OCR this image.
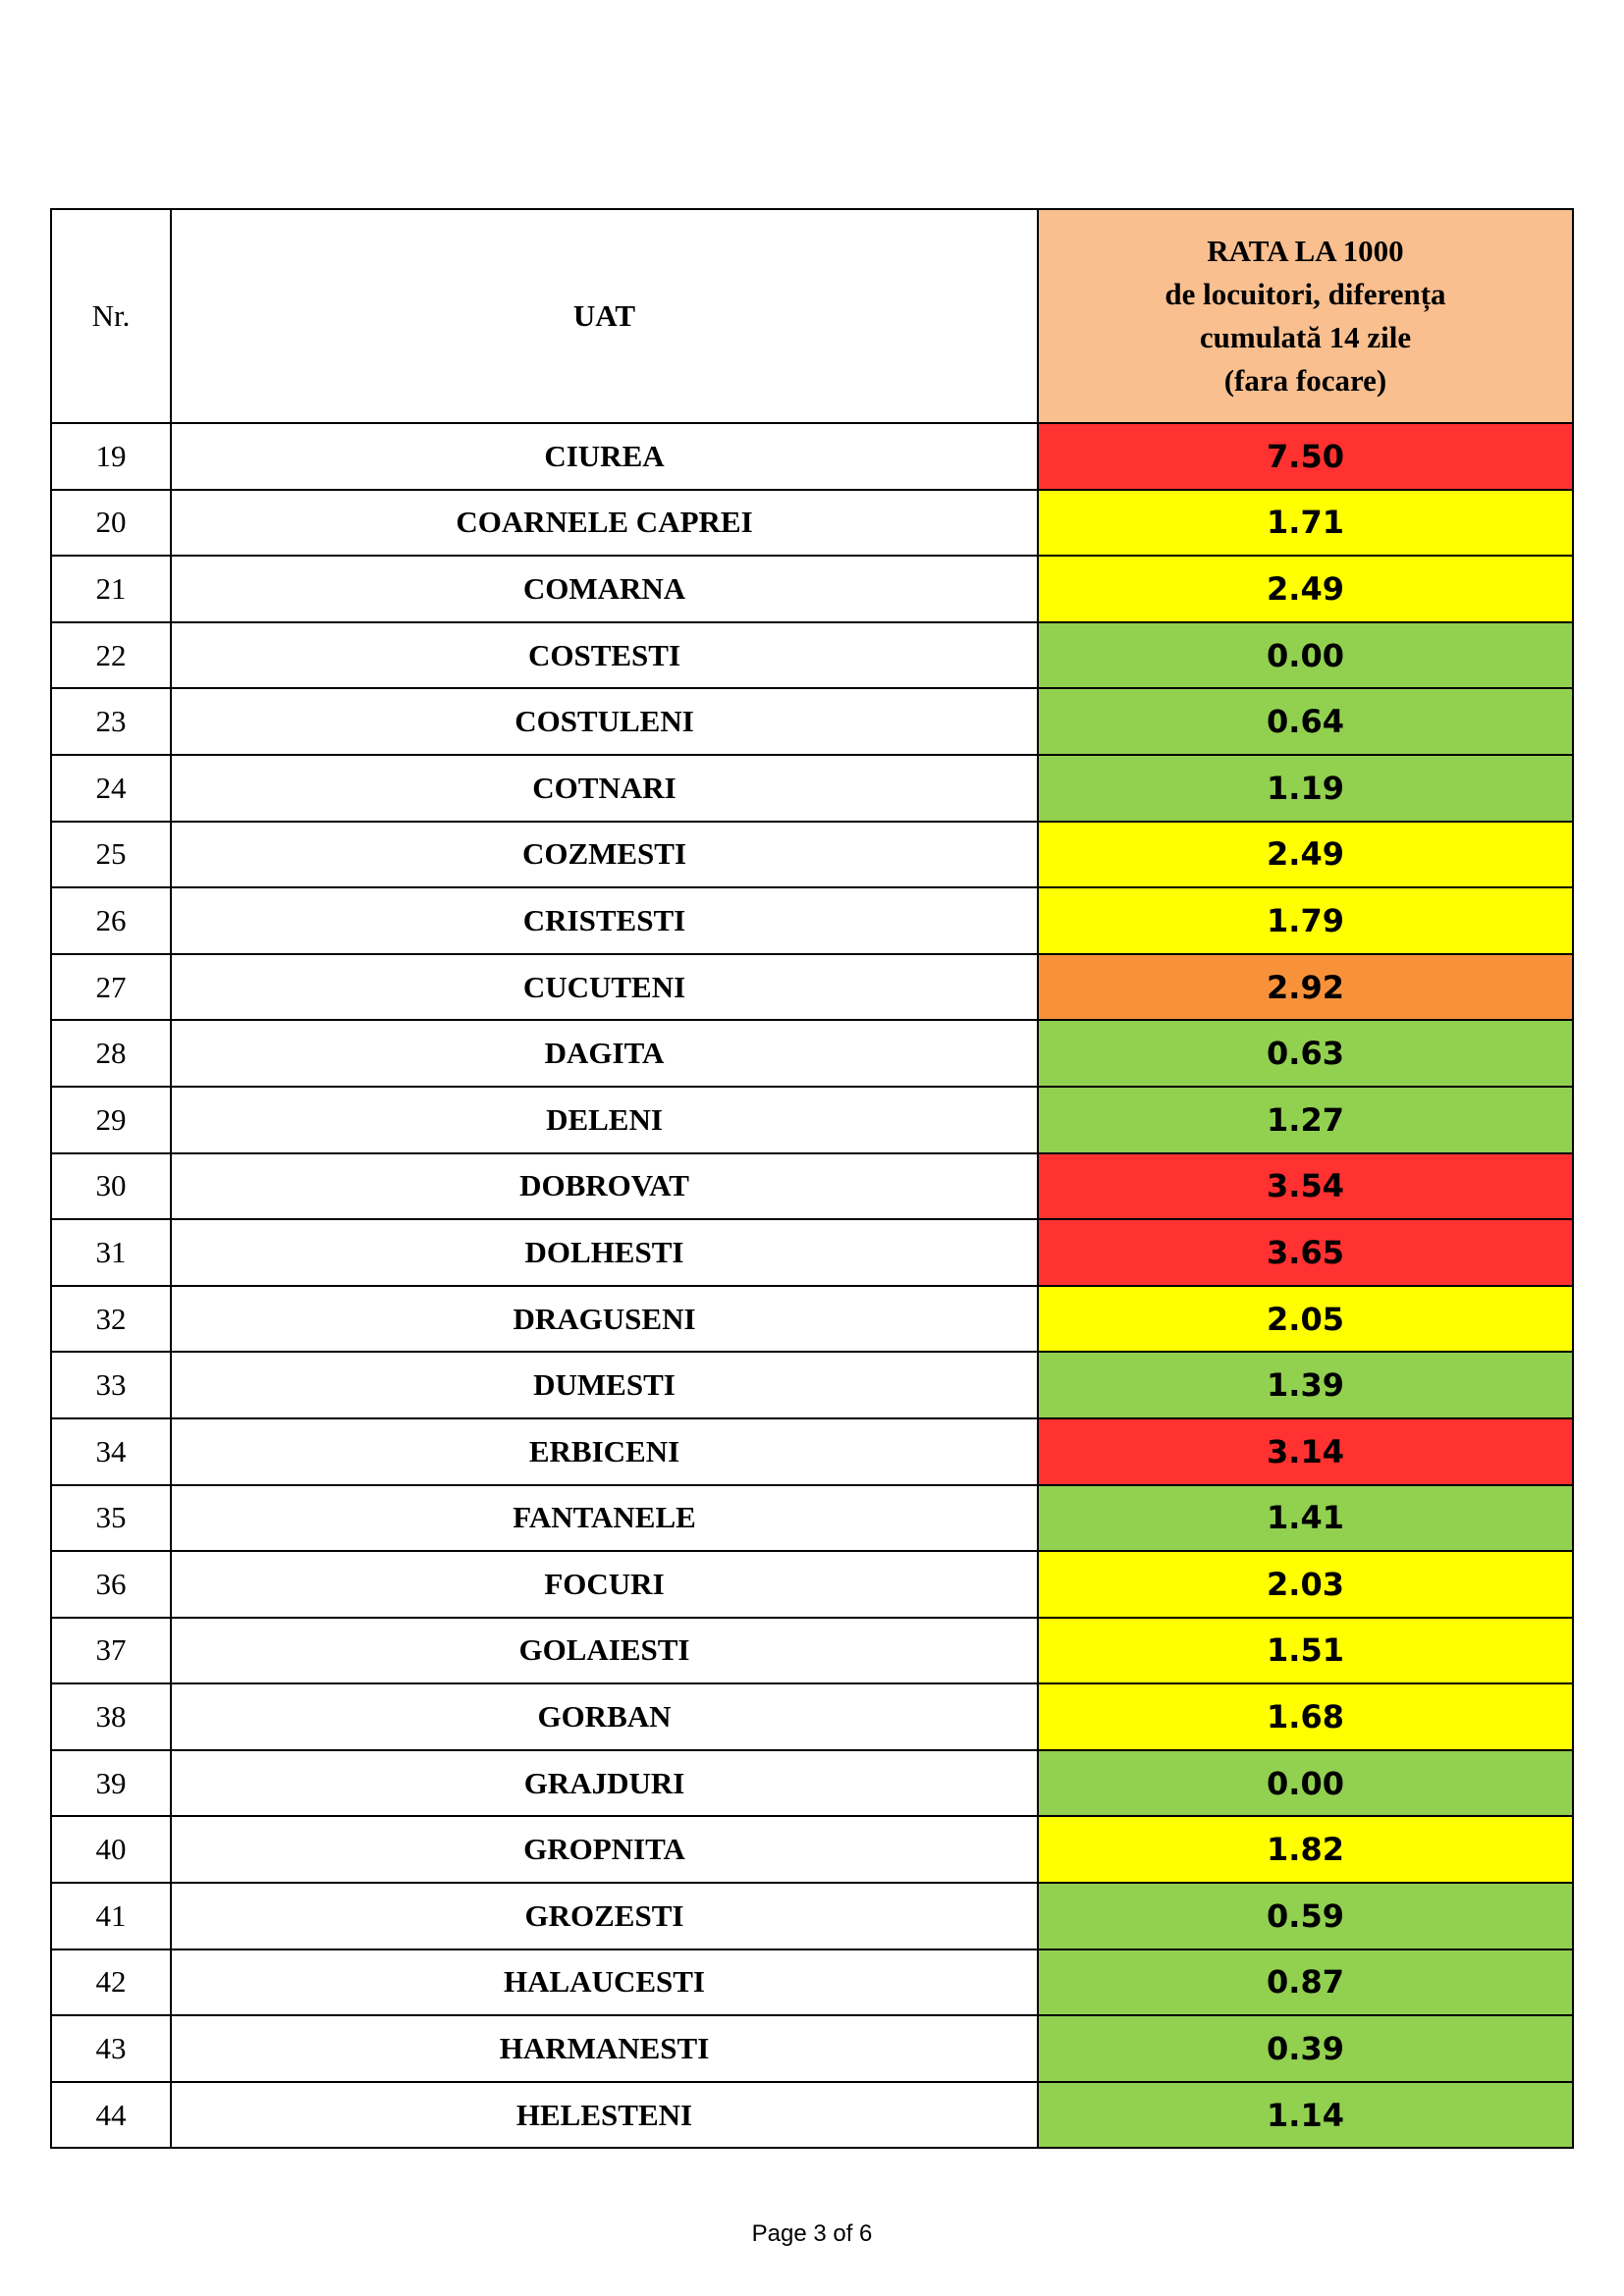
Nr.	UAT	RATA LA 1000
de locuitori, diferența
cumulată 14 zile
(fara focare)

19	CIUREA	7.50
20	COARNELE CAPREI	1.71
21	COMARNA	2.49
22	COSTESTI	0.00
23	COSTULENI	0.64
24	COTNARI	1.19
25	COZMESTI	2.49
26	CRISTESTI	1.79
27	CUCUTENI	2.92
28	DAGITA	0.63
29	DELENI	1.27
30	DOBROVAT	3.54
31	DOLHESTI	3.65
32	DRAGUSENI	2.05
33	DUMESTI	1.39
34	ERBICENI	3.14
35	FANTANELE	1.41
36	FOCURI	2.03
37	GOLAIESTI	1.51
38	GORBAN	1.68
39	GRAJDURI	0.00
40	GROPNITA	1.82
41	GROZESTI	0.59
42	HALAUCESTI	0.87
43	HARMANESTI	0.39
44	HELESTENI	1.14
Page 3 of 6
